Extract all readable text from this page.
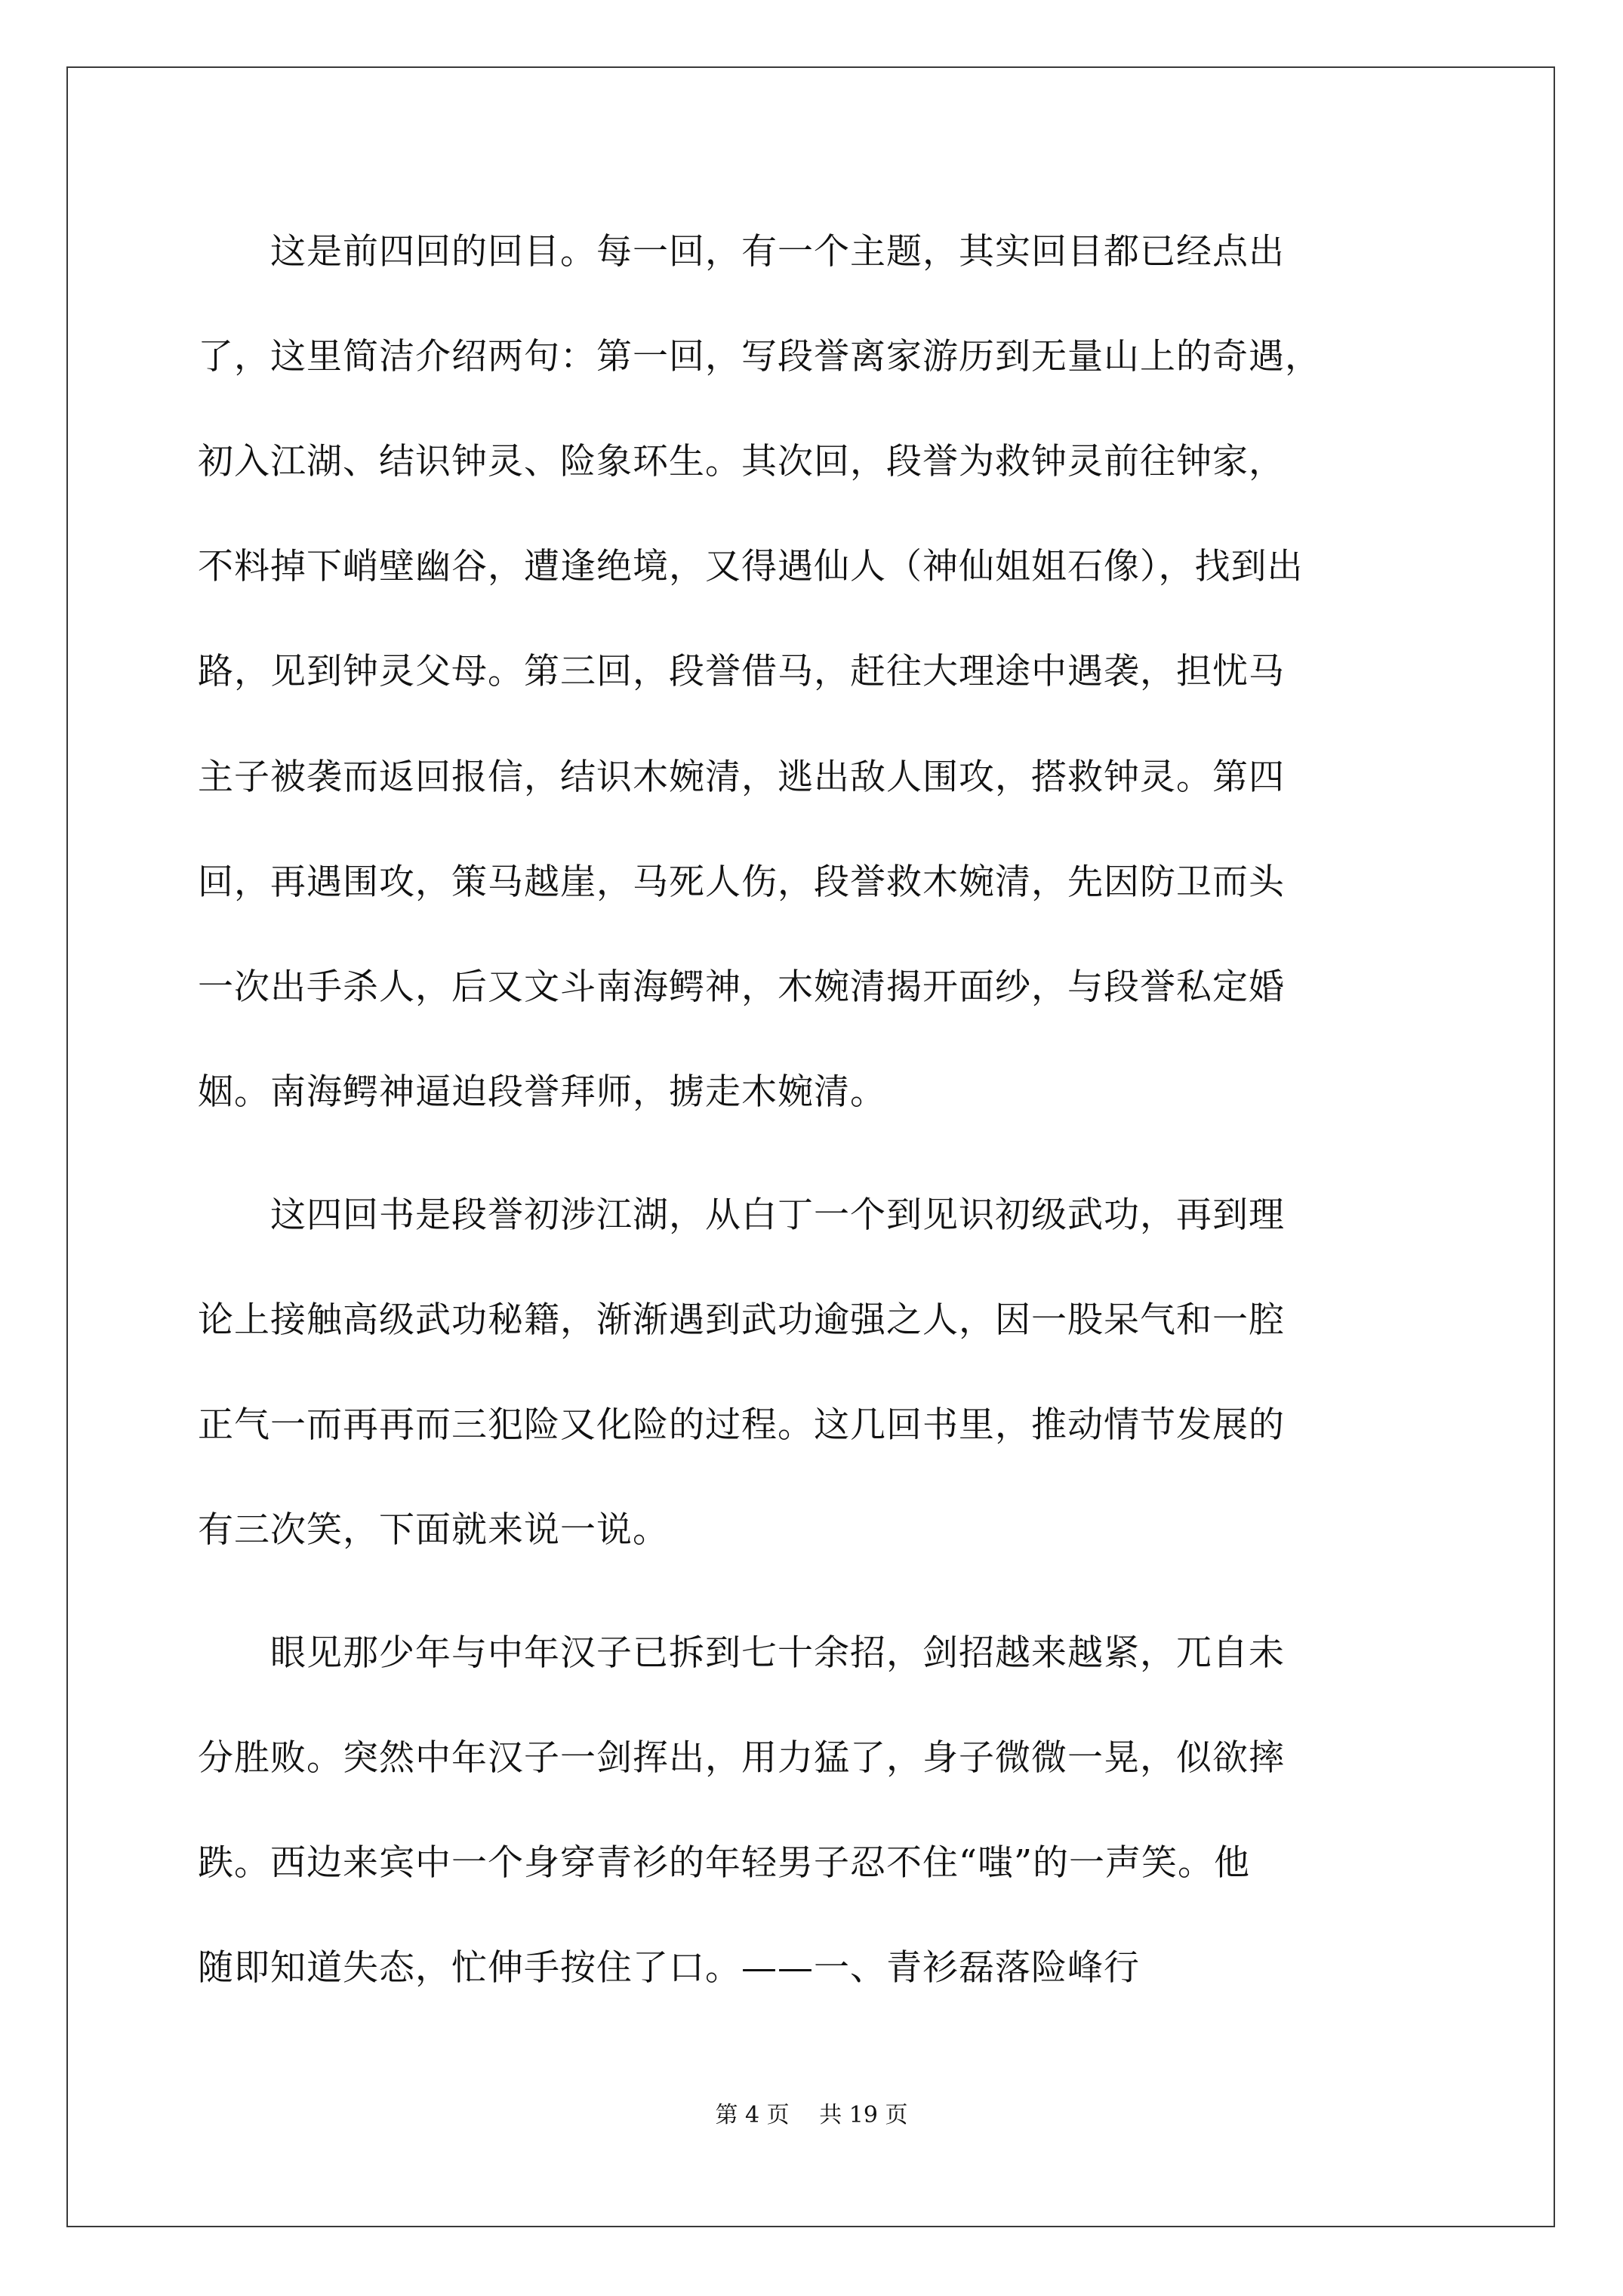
　　这是前四回的回目。每一回，有一个主题，其实回目都已经点出
了，这里简洁介绍两句：第一回，写段誉离家游历到无量山上的奇遇，
初入江湖、结识钟灵、险象环生。其次回，段誉为救钟灵前往钟家，
不料掉下峭壁幽谷，遭逢绝境，又得遇仙人（神仙姐姐石像），找到出
路，见到钟灵父母。第三回，段誉借马，赶往大理途中遇袭，担忧马
主子被袭而返回报信，结识木婉清，逃出敌人围攻，搭救钟灵。第四
回，再遇围攻，策马越崖，马死人伤，段誉救木婉清，先因防卫而头
一次出手杀人，后又文斗南海鳄神，木婉清揭开面纱，与段誉私定婚
姻。南海鳄神逼迫段誉拜师，掳走木婉清。
　　这四回书是段誉初涉江湖，从白丁一个到见识初级武功，再到理
论上接触高级武功秘籍，渐渐遇到武功逾强之人，因一股呆气和一腔
正气一而再再而三犯险又化险的过程。这几回书里，推动情节发展的
有三次笑，下面就来说一说。
　　眼见那少年与中年汉子已拆到七十余招，剑招越来越紧，兀自未
分胜败。突然中年汉子一剑挥出，用力猛了，身子微微一晃，似欲摔
跌。西边来宾中一个身穿青衫的年轻男子忍不住“嗤”的一声笑。他
随即知道失态，忙伸手按住了口。——一、青衫磊落险峰行
第 4 页　 共 19 页
